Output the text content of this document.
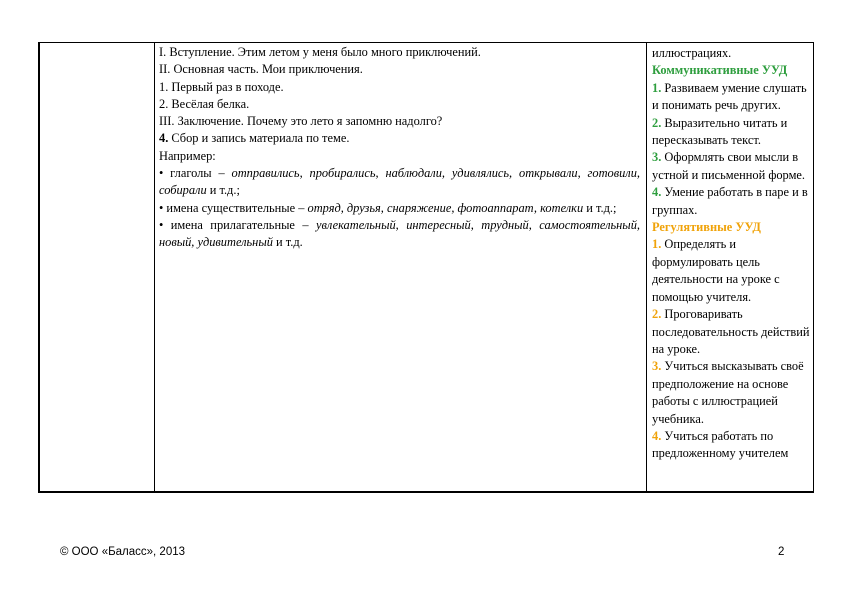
I. Вступление. Этим летом у меня было много приключений.
II. Основная часть. Мои приключения.
1. Первый раз в походе.
2. Весёлая белка.
III. Заключение. Почему это лето я запомню надолго?
4. Сбор и запись материала по теме.
Например:
• глаголы – отправились, пробирались, наблюдали, удивлялись, открывали, готовили, собирали и т.д.;
• имена существительные – отряд, друзья, снаряжение, фотоаппарат, котелки и т.д.;
• имена прилагательные – увлекательный, интересный, трудный, самостоятельный, новый, удивительный и т.д.
иллюстрациях.
Коммуникативные УУД
1. Развиваем умение слушать и понимать речь других.
2. Выразительно читать и пересказывать текст.
3. Оформлять свои мысли в устной и письменной форме.
4. Умение работать в паре и в группах.
Регулятивные УУД
1. Определять и формулировать цель деятельности на уроке с помощью учителя.
2. Проговаривать последовательность действий на уроке.
3. Учиться высказывать своё предположение на основе работы с иллюстрацией учебника.
4. Учиться работать по предложенному учителем
© ООО «Баласс», 2013	2
